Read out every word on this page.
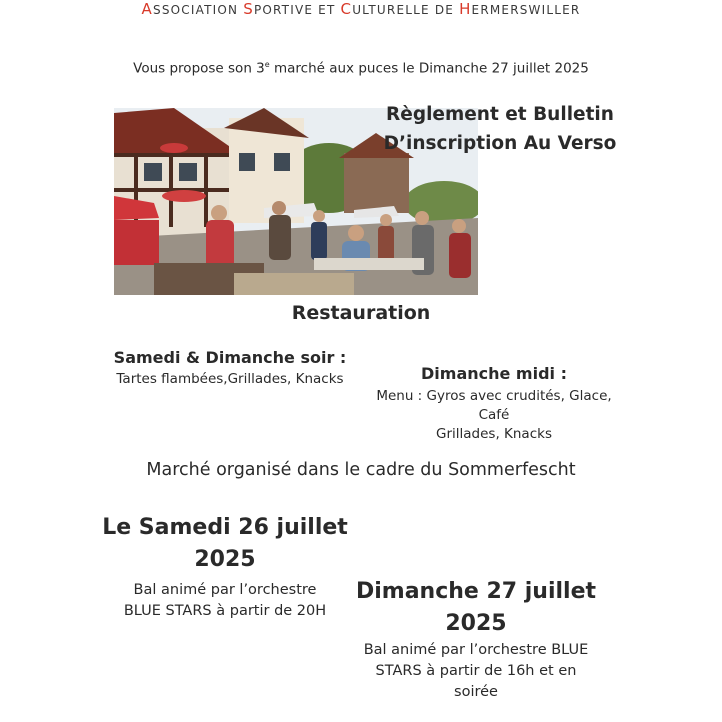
ASSOCIATION SPORTIVE ET CULTURELLE DE HERMERSWILLER
Vous propose son 3e marché aux puces le Dimanche 27 juillet 2025
Règlement et Bulletin
D’inscription Au Verso
Restauration
Samedi & Dimanche soir :
Tartes flambées,Grillades, Knacks	Dimanche midi :
Menu : Gyros avec crudités, Glace,
Café
Grillades, Knacks
Marché organisé dans le cadre du Sommerfescht
Le Samedi 26 juillet
2025
Bal animé par l’orchestre
BLUE STARS à partir de 20H
Dimanche 27 juillet
2025
Bal animé par l’orchestre BLUE
STARS à partir de 16h et en
soirée
